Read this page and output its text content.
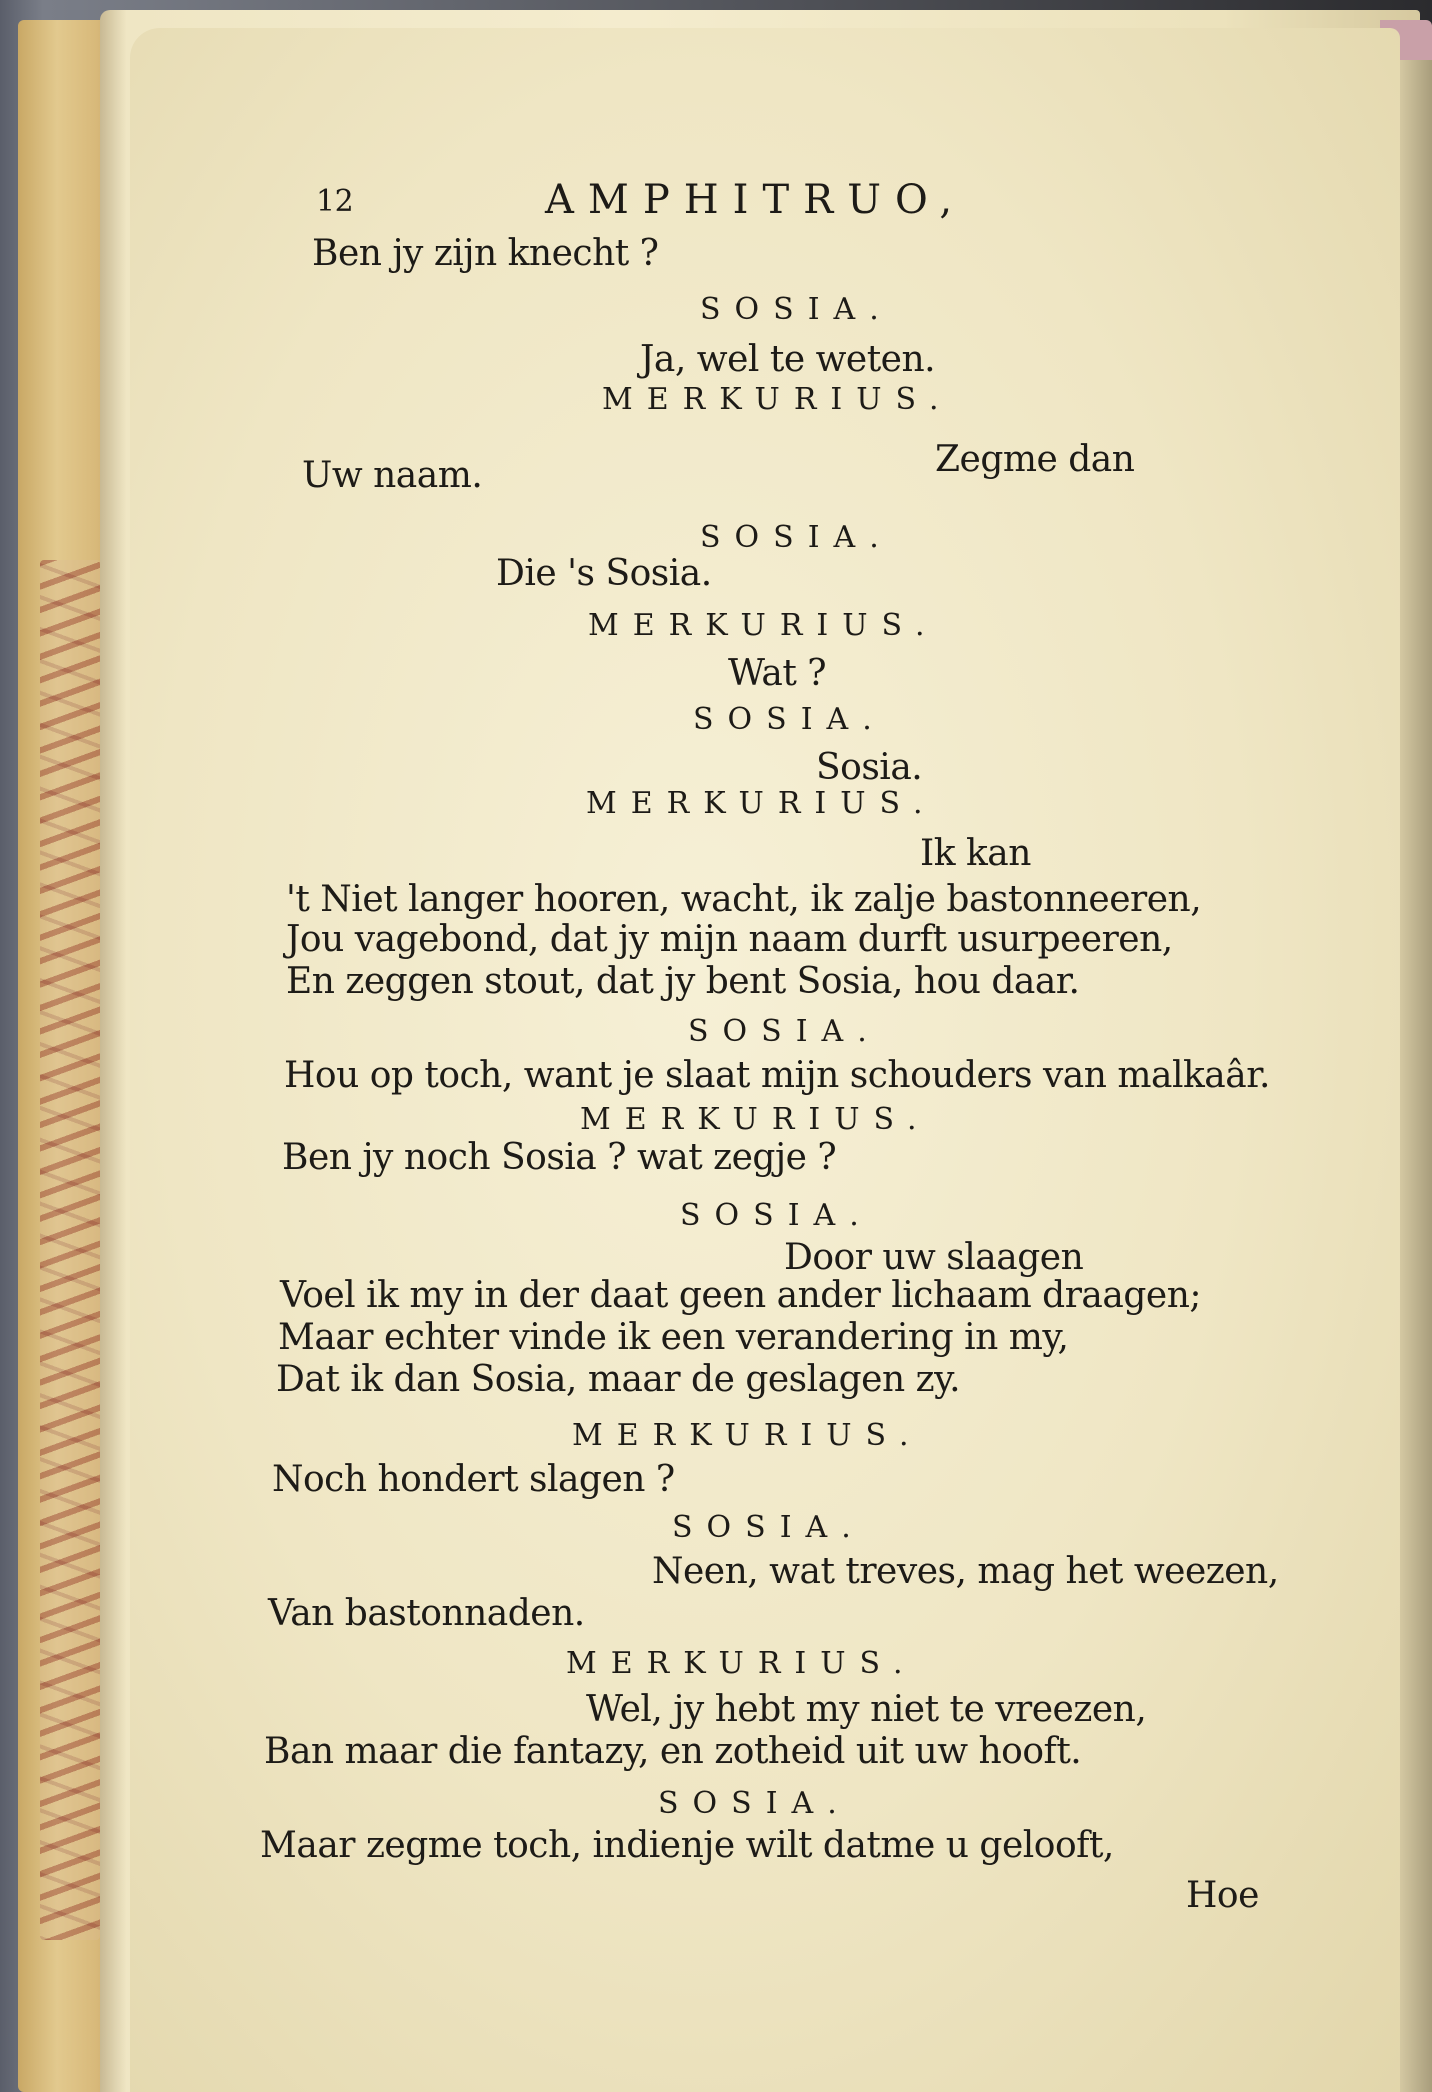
12	AMPHITRUO,
Ben jy zijn knecht ?
SOSIA.
Ja, wel te weten.
MERKURIUS.
Zegme dan
Uw naam.
SOSIA.
Die 's Sosia.
MERKURIUS.
Wat ?
SOSIA.
Sosia.
MERKURIUS.
Ik kan
't Niet langer hooren, wacht, ik zalje bastonneeren,
Jou vagebond, dat jy mijn naam durft usurpeeren,
En zeggen stout, dat jy bent Sosia, hou daar.
SOSIA.
Hou op toch, want je slaat mijn schouders van malkaâr.
MERKURIUS.
Ben jy noch Sosia ? wat zegje ?
SOSIA.
Door uw slaagen
Voel ik my in der daat geen ander lichaam draagen;
Maar echter vinde ik een verandering in my,
Dat ik dan Sosia, maar de geslagen zy.
MERKURIUS.
Noch hondert slagen ?
SOSIA.
Neen, wat treves, mag het weezen,
Van bastonnaden.
MERKURIUS.
Wel, jy hebt my niet te vreezen,
Ban maar die fantazy, en zotheid uit uw hooft.
SOSIA.
Maar zegme toch, indienje wilt datme u gelooft,
Hoe
